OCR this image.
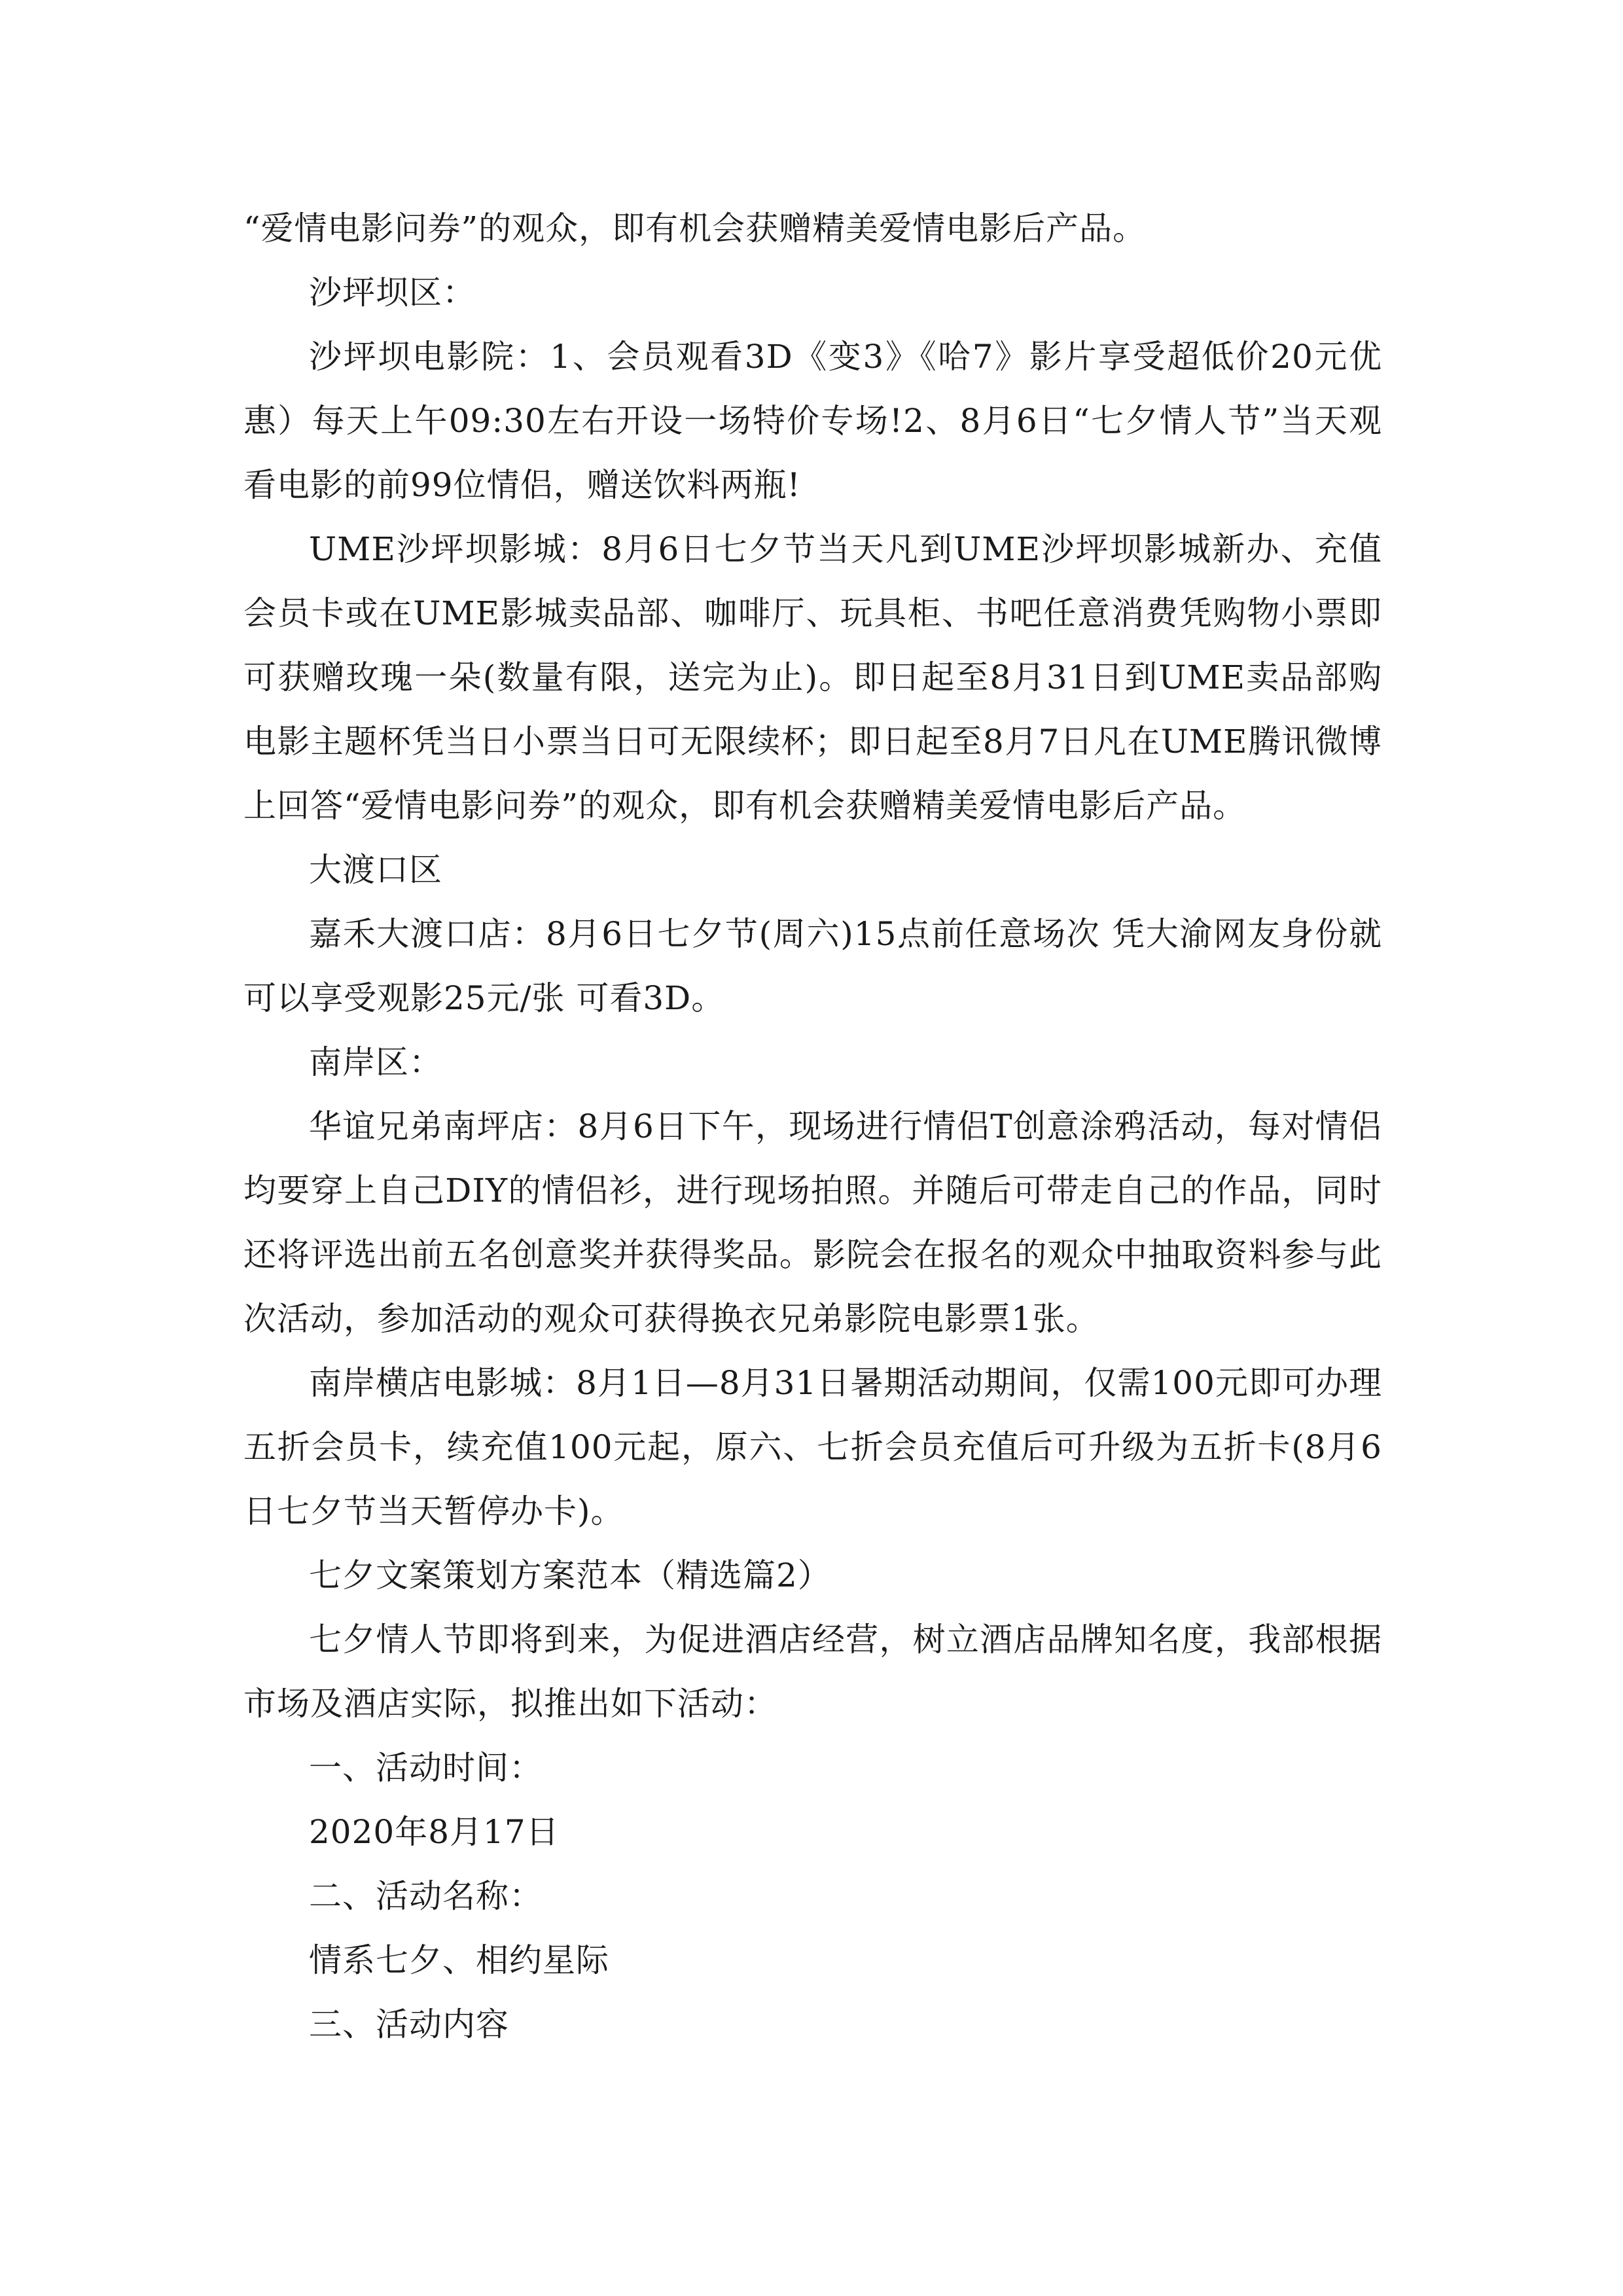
“爱情电影问券”的观众，即有机会获赠精美爱情电影后产品。

沙坪坝区：

沙坪坝电影院：1、会员观看3D《变3》《哈7》影片享受超低价20元优惠）每天上午09:30左右开设一场特价专场!2、8月6日“七夕情人节”当天观看电影的前99位情侣，赠送饮料两瓶!

UME沙坪坝影城：8月6日七夕节当天凡到UME沙坪坝影城新办、充值会员卡或在UME影城卖品部、咖啡厅、玩具柜、书吧任意消费凭购物小票即可获赠玫瑰一朵(数量有限，送完为止)。即日起至8月31日到UME卖品部购电影主题杯凭当日小票当日可无限续杯；即日起至8月7日凡在UME腾讯微博上回答“爱情电影问券”的观众，即有机会获赠精美爱情电影后产品。

大渡口区

嘉禾大渡口店：8月6日七夕节(周六)15点前任意场次 凭大渝网友身份就可以享受观影25元/张 可看3D。

南岸区：

华谊兄弟南坪店：8月6日下午，现场进行情侣T创意涂鸦活动，每对情侣均要穿上自己DIY的情侣衫，进行现场拍照。并随后可带走自己的作品，同时还将评选出前五名创意奖并获得奖品。影院会在报名的观众中抽取资料参与此次活动，参加活动的观众可获得换衣兄弟影院电影票1张。

南岸横店电影城：8月1日—8月31日暑期活动期间，仅需100元即可办理五折会员卡，续充值100元起，原六、七折会员充值后可升级为五折卡(8月6日七夕节当天暂停办卡)。

七夕文案策划方案范本（精选篇2）

七夕情人节即将到来，为促进酒店经营，树立酒店品牌知名度，我部根据市场及酒店实际，拟推出如下活动：

一、活动时间：

2020年8月17日

二、活动名称：

情系七夕、相约星际

三、活动内容
